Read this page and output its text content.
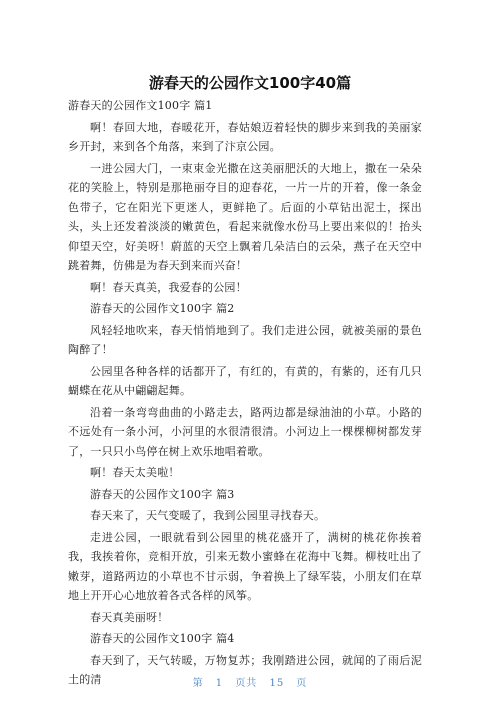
游春天的公园作文100字40篇

游春天的公园作文100字 篇1

啊！春回大地，春暖花开，春姑娘迈着轻快的脚步来到我的美丽家乡开封，来到各个角落，来到了汴京公园。

一进公园大门，一束束金光撒在这美丽肥沃的大地上，撒在一朵朵花的笑脸上，特别是那艳丽夺目的迎春花，一片一片的开着，像一条金色带子，它在阳光下更迷人，更鲜艳了。后面的小草钻出泥土，探出头，头上还发着淡淡的嫩黄色，看起来就像水份马上要出来似的！抬头仰望天空，好美呀！蔚蓝的天空上飘着几朵洁白的云朵，燕子在天空中跳着舞，仿佛是为春天到来而兴奋！

啊！春天真美，我爱春的公园！

游春天的公园作文100字 篇2

风轻轻地吹来，春天悄悄地到了。我们走进公园，就被美丽的景色陶醉了！

公园里各种各样的话都开了，有红的，有黄的，有紫的，还有几只蝴蝶在花从中翩翩起舞。

沿着一条弯弯曲曲的小路走去，路两边都是绿油油的小草。小路的不远处有一条小河，小河里的水很清很清。小河边上一棵棵柳树都发芽了，一只只小鸟停在树上欢乐地唱着歌。

啊！春天太美啦！

游春天的公园作文100字 篇3

春天来了，天气变暖了，我到公园里寻找春天。

走进公园，一眼就看到公园里的桃花盛开了，满树的桃花你挨着我，我挨着你，竞相开放，引来无数小蜜蜂在花海中飞舞。柳枝吐出了嫩芽，道路两边的小草也不甘示弱，争着换上了绿军装，小朋友们在草地上开开心心地放着各式各样的风筝。

春天真美丽呀！

游春天的公园作文100字 篇4

春天到了，天气转暖，万物复苏；我刚踏进公园，就闻的了雨后泥土的清	第 1 页共 15 页
